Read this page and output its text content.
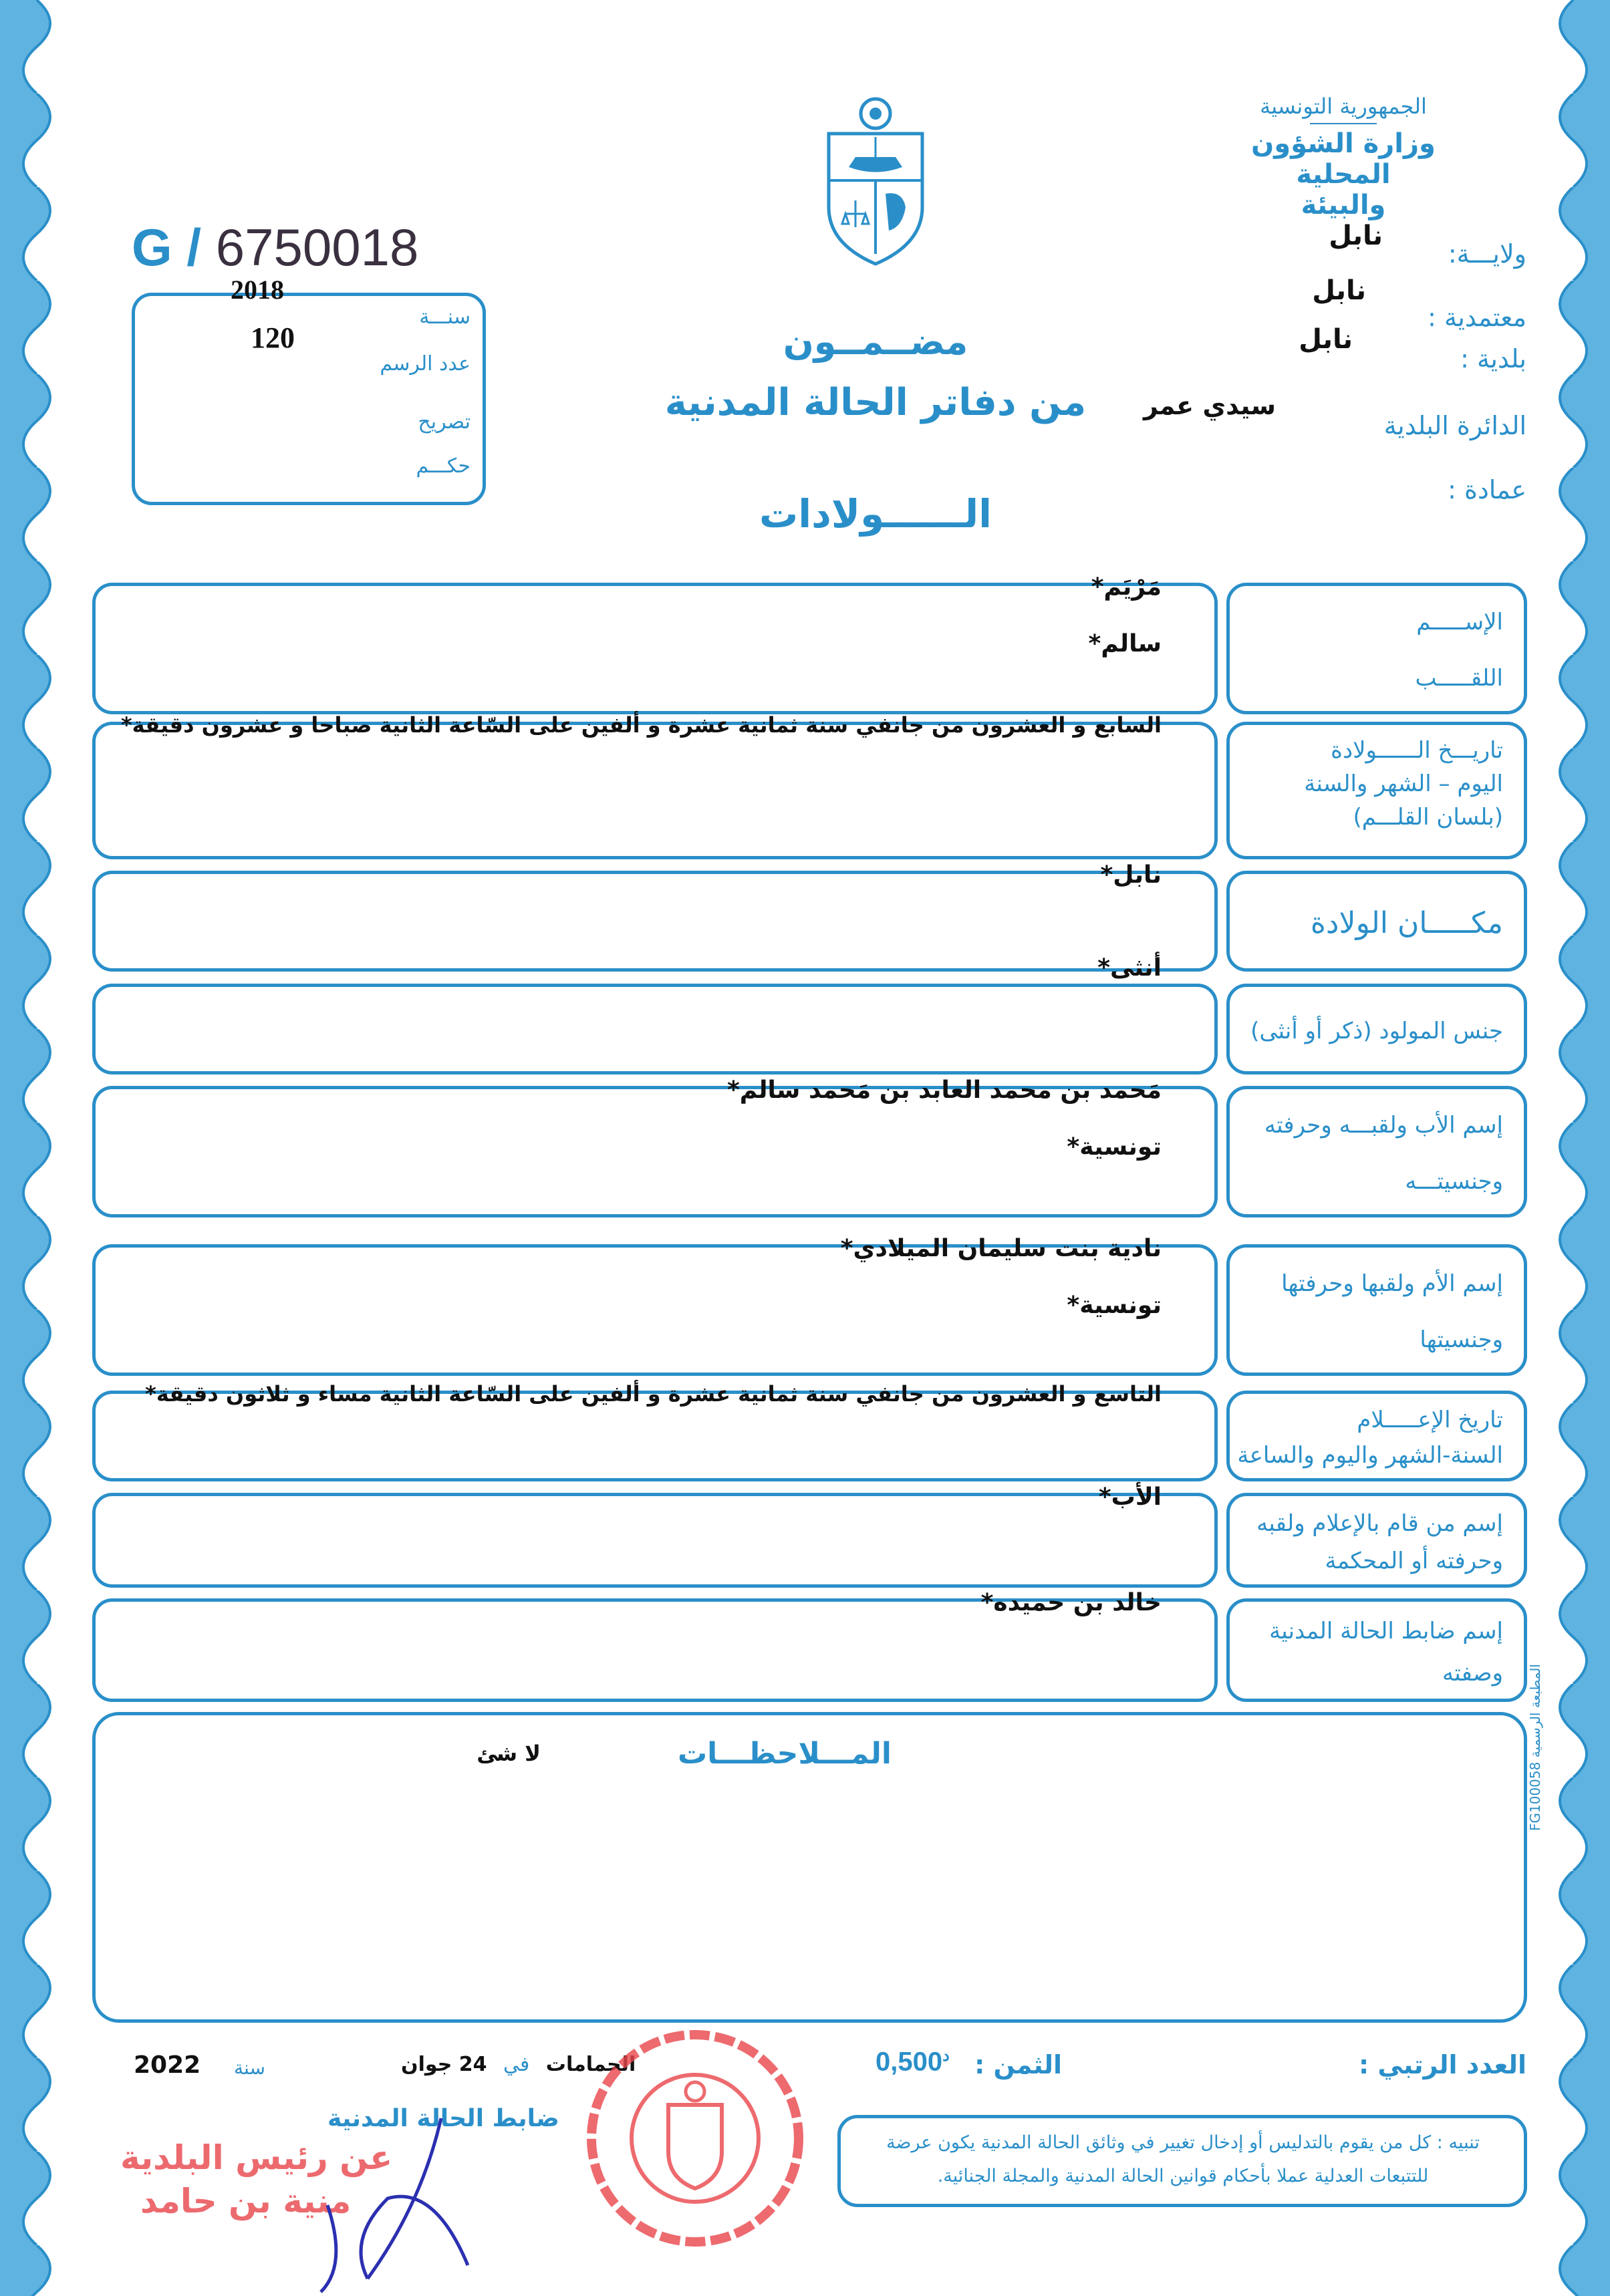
الجمهورية التونسية
وزارة الشؤون المحلية
والبيئة
ولايـــة:
نابل
معتمدية :
نابل
بلدية :
نابل
الدائرة البلدية
سيدي عمر
عمادة :
G / 6750018
2018
120
سنـــة
عدد الرسم
تصريح
حكـــم
مضــمــون
من دفاتر الحالة المدنية
الــــــولادات
الإســـــم
اللقـــــب
مَرْيَم*
سالم*
تاريـــخ الــــــولادة
اليوم – الشهر والسنة
(بلسان القلـــم)
السابع و العشرون من جانفي سنة ثمانية عشرة و ألفين على السّاعة الثانية صباحا و عشرون دقيقة*
مكـــــان الولادة
نابل*
جنس المولود (ذكر أو أنثى)
أنثى*
إسم الأب ولقبـــه وحرفته
وجنسيتـــه
مَحمد بن محمد العابد بن مَحمد سالم*
تونسية*
إسم الأم ولقبها وحرفتها
وجنسيتها
نادية بنت سليمان الميلادي*
تونسية*
تاريخ الإعـــــلام
السنة-الشهر واليوم والساعة
التاسع و العشرون من جانفي سنة ثمانية عشرة و ألفين على السّاعة الثانية مساء و ثلاثون دقيقة*
إسم من قام بالإعلام ولقبه
وحرفته أو المحكمة
الأب*
إسم ضابط الحالة المدنية
وصفته
خالد بن حميده*
المـــلاحظـــات
لا شئ
المطبعة الرسمية FG100058
العدد الرتبي :
الثمن :
$0,500^د$
الحمامات في 24 جوان
سنة
2022
ضابط الحالة المدنية
عن رئيس البلدية
منية بن حامد
تنبيه : كل من يقوم بالتدليس أو إدخال تغيير في وثائق الحالة المدنية يكون عرضة
للتتبعات العدلية عملا بأحكام قوانين الحالة المدنية والمجلة الجنائية.
